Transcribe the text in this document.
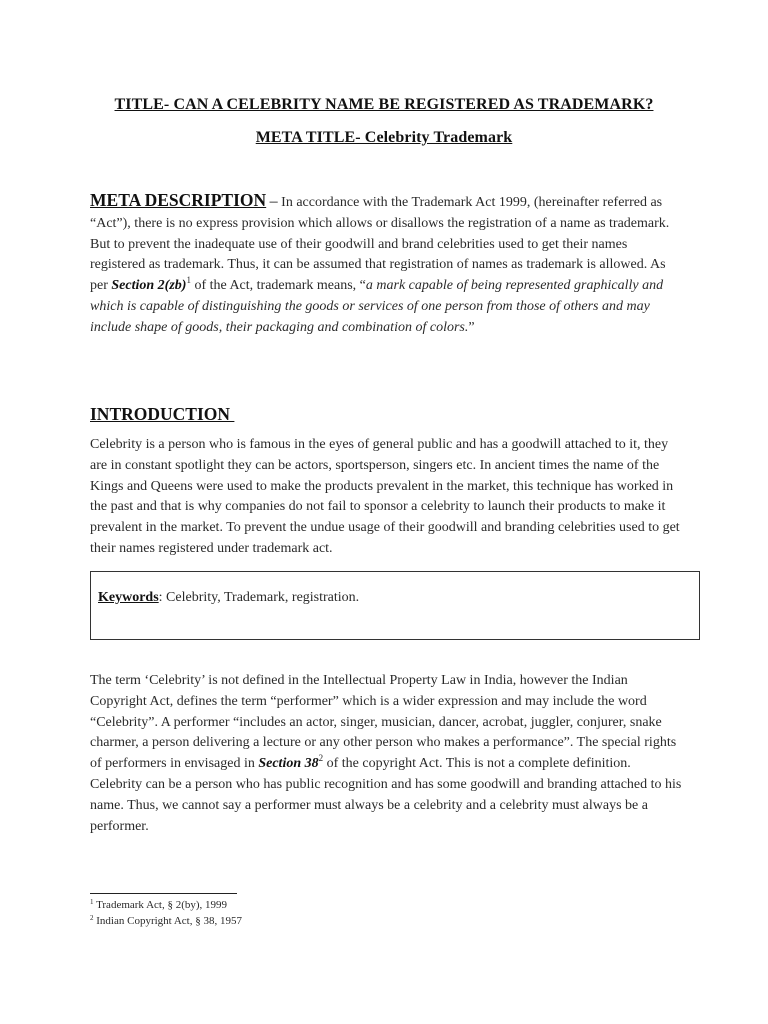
TITLE- CAN A CELEBRITY NAME BE REGISTERED AS TRADEMARK?
META TITLE- Celebrity Trademark
META DESCRIPTION – In accordance with the Trademark Act 1999, (hereinafter referred as “Act”), there is no express provision which allows or disallows the registration of a name as trademark. But to prevent the inadequate use of their goodwill and brand celebrities used to get their names registered as trademark. Thus, it can be assumed that registration of names as trademark is allowed. As per Section 2(zb)$^1$ of the Act, trademark means, “a mark capable of being represented graphically and which is capable of distinguishing the goods or services of one person from those of others and may include shape of goods, their packaging and combination of colors.”
INTRODUCTION
Celebrity is a person who is famous in the eyes of general public and has a goodwill attached to it, they are in constant spotlight they can be actors, sportsperson, singers etc. In ancient times the name of the Kings and Queens were used to make the products prevalent in the market, this technique has worked in the past and that is why companies do not fail to sponsor a celebrity to launch their products to make it prevalent in the market. To prevent the undue usage of their goodwill and branding celebrities used to get their names registered under trademark act.
Keywords: Celebrity, Trademark, registration.
The term ‘Celebrity’ is not defined in the Intellectual Property Law in India, however the Indian Copyright Act, defines the term “performer” which is a wider expression and may include the word “Celebrity”. A performer “includes an actor, singer, musician, dancer, acrobat, juggler, conjurer, snake charmer, a person delivering a lecture or any other person who makes a performance”. The special rights of performers in envisaged in Section $38^2$ of the copyright Act. This is not a complete definition. Celebrity can be a person who has public recognition and has some goodwill and branding attached to his name. Thus, we cannot say a performer must always be a celebrity and a celebrity must always be a performer.
$^1$ Trademark Act, § 2(by), 1999
$^2$ Indian Copyright Act, § 38, 1957
